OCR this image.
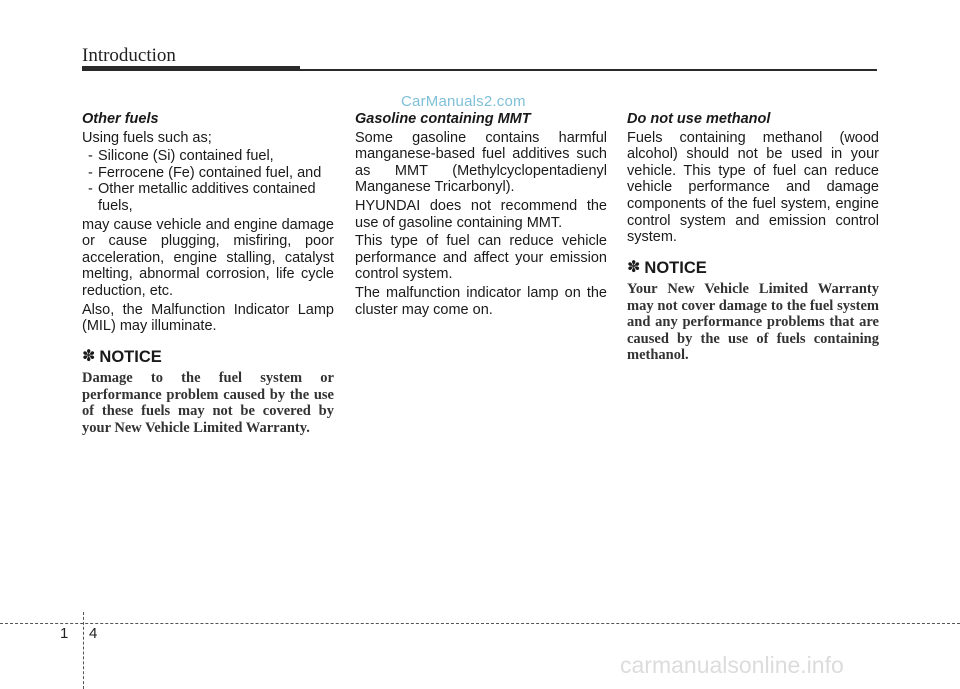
Introduction
CarManuals2.com
Other fuels

Using fuels such as;

- Silicone (Si) contained fuel,
- Ferrocene (Fe) contained fuel, and
- Other metallic additives contained fuels,

may cause vehicle and engine damage or cause plugging, misfiring, poor acceleration, engine stalling, catalyst melting, abnormal corrosion, life cycle reduction, etc.

Also, the Malfunction Indicator Lamp (MIL) may illuminate.

✽ NOTICE

Damage to the fuel system or performance problem caused by the use of these fuels may not be covered by your New Vehicle Limited Warranty.

Gasoline containing MMT

Some gasoline contains harmful manganese-based fuel additives such as MMT (Methylcyclopentadienyl Manganese Tricarbonyl).

HYUNDAI does not recommend the use of gasoline containing MMT.

This type of fuel can reduce vehicle performance and affect your emission control system.

The malfunction indicator lamp on the cluster may come on.

Do not use methanol

Fuels containing methanol (wood alcohol) should not be used in your vehicle. This type of fuel can reduce vehicle performance and damage components of the fuel system, engine control system and emission control system.

✽ NOTICE

Your New Vehicle Limited Warranty may not cover damage to the fuel system and any performance problems that are caused by the use of fuels containing methanol.

1 4
carmanualsonline.info
